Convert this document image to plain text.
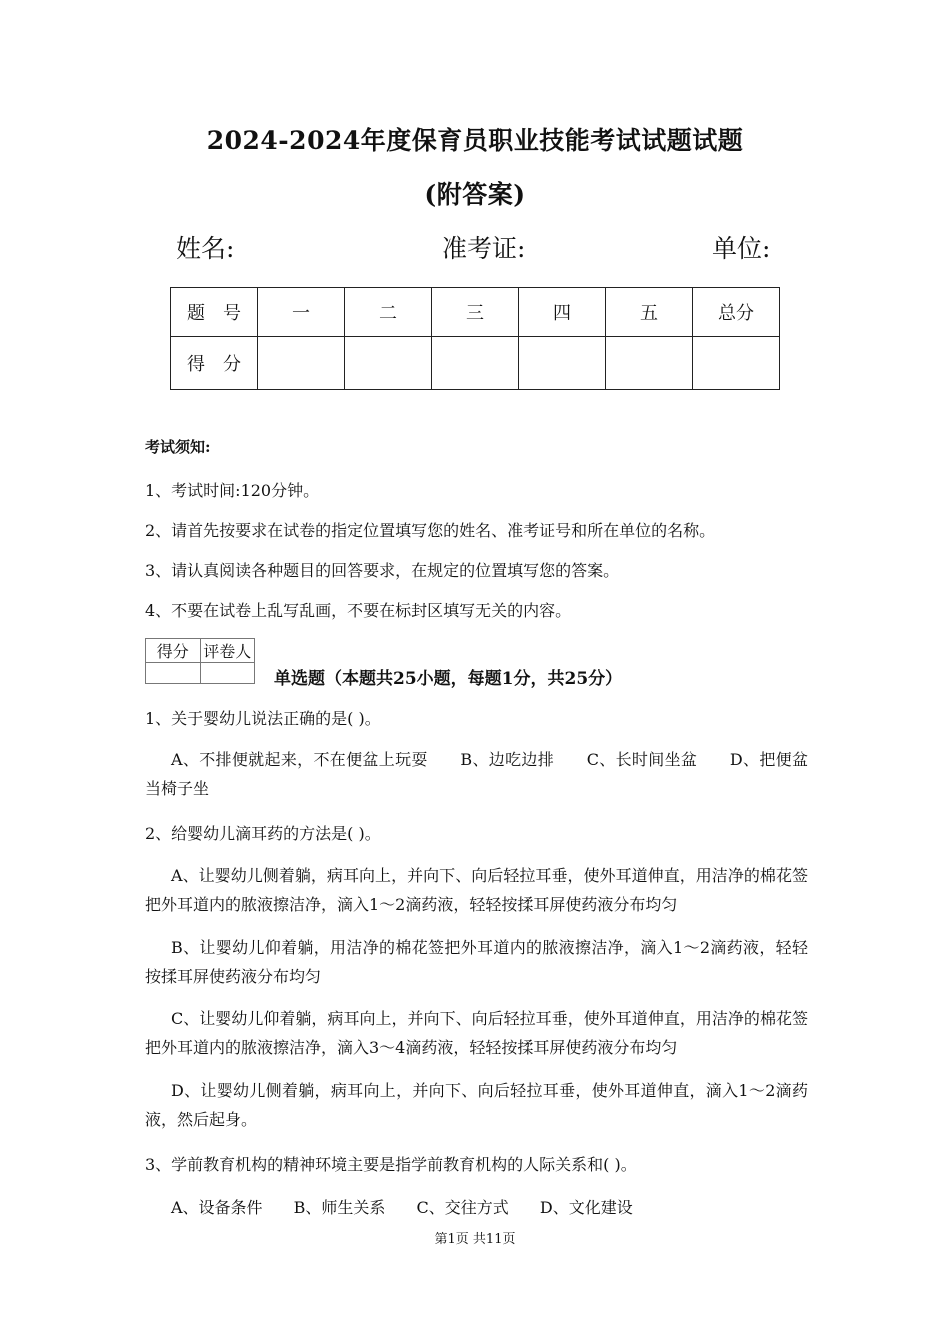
2024-2024年度保育员职业技能考试试题试题
(附答案)
姓名:	准考证:	单位:
题　号	一	二	三	四	五	总分
得　分						
考试须知:
1、考试时间:120分钟。
2、请首先按要求在试卷的指定位置填写您的姓名、准考证号和所在单位的名称。
3、请认真阅读各种题目的回答要求，在规定的位置填写您的答案。
4、不要在试卷上乱写乱画，不要在标封区填写无关的内容。
得分	评卷人

单选题（本题共25小题，每题1分，共25分）
1、关于婴幼儿说法正确的是( )。
A、不排便就起来，不在便盆上玩耍　　B、边吃边排　　C、长时间坐盆　　D、把便盆当椅子坐
2、给婴幼儿滴耳药的方法是( )。
A、让婴幼儿侧着躺，病耳向上，并向下、向后轻拉耳垂，使外耳道伸直，用洁净的棉花签把外耳道内的脓液擦洁净，滴入1～2滴药液，轻轻按揉耳屏使药液分布均匀
B、让婴幼儿仰着躺，用洁净的棉花签把外耳道内的脓液擦洁净，滴入1～2滴药液，轻轻按揉耳屏使药液分布均匀
C、让婴幼儿仰着躺，病耳向上，并向下、向后轻拉耳垂，使外耳道伸直，用洁净的棉花签把外耳道内的脓液擦洁净，滴入3～4滴药液，轻轻按揉耳屏使药液分布均匀
D、让婴幼儿侧着躺，病耳向上，并向下、向后轻拉耳垂，使外耳道伸直，滴入1～2滴药液，然后起身。
3、学前教育机构的精神环境主要是指学前教育机构的人际关系和( )。
A、设备条件 B、师生关系 C、交往方式 D、文化建设
第1页 共11页
